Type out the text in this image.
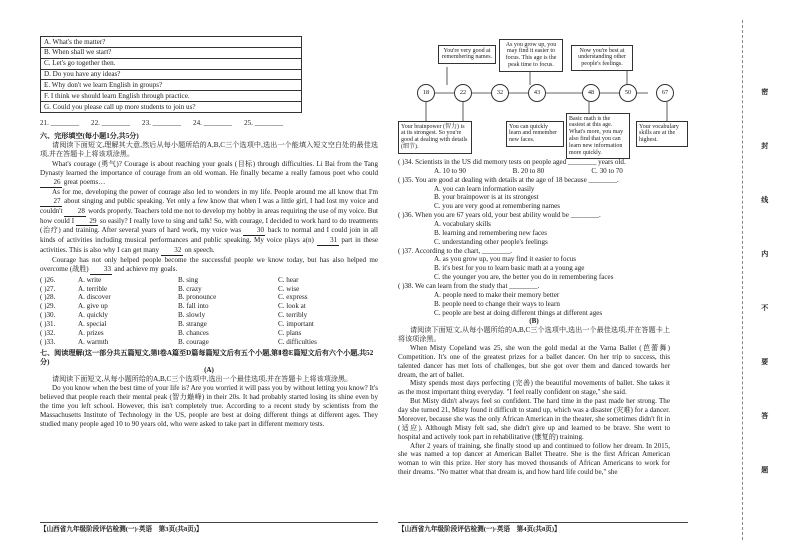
A. What's the matter?
B. When shall we start?
C. Let's go together then.
D. Do you have any ideas?
E. Why don't we learn English in groups?
F. I think we should learn English through practice.
G. Could you please call up more students to join us?
21. ________ 22. ________ 23. ________ 24. ________ 25. ________
六、完形填空(每小题1分,共5分)
请阅读下面短文,理解其大意,然后从每小题所给的A,B,C三个选项中,选出一个能填入短文空白处的最佳选项,并在答题卡上将该项涂黑。
What's courage (勇气)? Courage is about reaching your goals (目标) through difficulties. Li Bai from the Tang Dynasty learned the importance of courage from an old woman. He finally became a really famous poet who could 26 great poems…
As for me, developing the power of courage also led to wonders in my life. People around me all know that I'm 27 about singing and public speaking. Yet only a few know that when I was a little girl, I had lost my voice and couldn't 28 words properly. Teachers told me not to develop my hobby in areas requiring the use of my voice. But how could I 29 so easily? I really love to sing and talk! So, with courage, I decided to work hard to do treatments (治疗) and training. After several years of hard work, my voice was 30 back to normal and I could join in all kinds of activities including musical performances and public speaking. My voice plays a(n) 31 part in these activities. This is also why I can get many 32 on speech.
Courage has not only helped people become the successful people we know today, but has also helped me overcome (战胜) 33 and achieve my goals.
( )26.	A. write	B. sing	C. hear
( )27.	A. terrible	B. crazy	C. wise
( )28.	A. discover	B. pronounce	C. express
( )29.	A. give up	B. fall into	C. look at
( )30.	A. quickly	B. slowly	C. terribly
( )31.	A. special	B. strange	C. important
( )32.	A. prizes	B. chances	C. plans
( )33.	A. warmth	B. courage	C. difficulties
七、阅读理解(这一部分共五篇短文,第Ⅰ卷A篇至D篇每篇短文后有五个小题,第Ⅱ卷E篇短文后有六个小题,共52分)
(A)
请阅读下面短文,从每小题所给的A,B,C三个选项中,选出一个最佳选项,并在答题卡上将该项涂黑。
Do you know when the best time of your life is? Are you worried it will pass you by without letting you know? It's believed that people reach their mental peak (智力巅峰) in their 20s. It had probably started losing its shine even by the time you left school. However, this isn't completely true. According to a recent study by scientists from the Massachusetts Institute of Technology in the US, people are best at doing different things at different ages. They studied many people aged 10 to 90 years old, who were asked to take part in different memory tests.
【山西省九年级阶段评估检测(一)·英语　第3页(共8页)】
You're very good at remembering names.
As you grow up, you may find it easier to focus. This age is the peak time to focus.
Now you're best at understanding other people's feelings.
18	22	32	43	48	50	67
Your brainpower (智力) is at its strongest. So you're good at dealing with details (细节).
You can quickly learn and remember new faces.
Basic math is the easiest at this age. What's more, you may also find that you can learn new information more quickly.
Your vocabulary skills are at the highest.
( )34. Scientists in the US did memory tests on people aged ________ years old.
A. 10 to 90	B. 20 to 80	C. 30 to 70
( )35. You are good at dealing with details at the age of 18 because ________.
A. you can learn information easily
B. your brainpower is at its strongest
C. you are very good at remembering names
( )36. When you are 67 years old, your best ability would be ________.
A. vocabulary skills
B. learning and remembering new faces
C. understanding other people's feelings
( )37. According to the chart, ________.
A. as you grow up, you may find it easier to focus
B. it's best for you to learn basic math at a young age
C. the younger you are, the better you do in remembering faces
( )38. We can learn from the study that ________.
A. people need to make their memory better
B. people need to change their ways to learn
C. people are best at doing different things at different ages
(B)
请阅读下面短文,从每小题所给的A,B,C三个选项中,选出一个最佳选项,并在答题卡上将该项涂黑。
When Misty Copeland was 25, she won the gold medal at the Varna Ballet (芭蕾舞) Competition. It's one of the greatest prizes for a ballet dancer. On her trip to success, this talented dancer has met lots of challenges, but she got over them and danced towards her dream, the art of ballet.
Misty spends most days perfecting (完善) the beautiful movements of ballet. She takes it as the most important thing everyday. "I feel really confident on stage," she said.
But Misty didn't always feel so confident. The hard time in the past made her strong. The day she turned 21, Misty found it difficult to stand up, which was a disaster (灾难) for a dancer. Moreover, because she was the only African American in the theater, she sometimes didn't fit in (适应). Although Misty felt sad, she didn't give up and learned to be brave. She went to hospital and actively took part in rehabilitative (康复的) training.
After 2 years of training, she finally stood up and continued to follow her dream. In 2015, she was named a top dancer at American Ballet Theatre. She is the first African American woman to win this prize. Her story has moved thousands of African Americans to work for their dreams. "No matter what that dream is, and how hard life could be," she
【山西省九年级阶段评估检测(一)·英语　第4页(共8页)】
密
封
线
内
不
要
答
题
